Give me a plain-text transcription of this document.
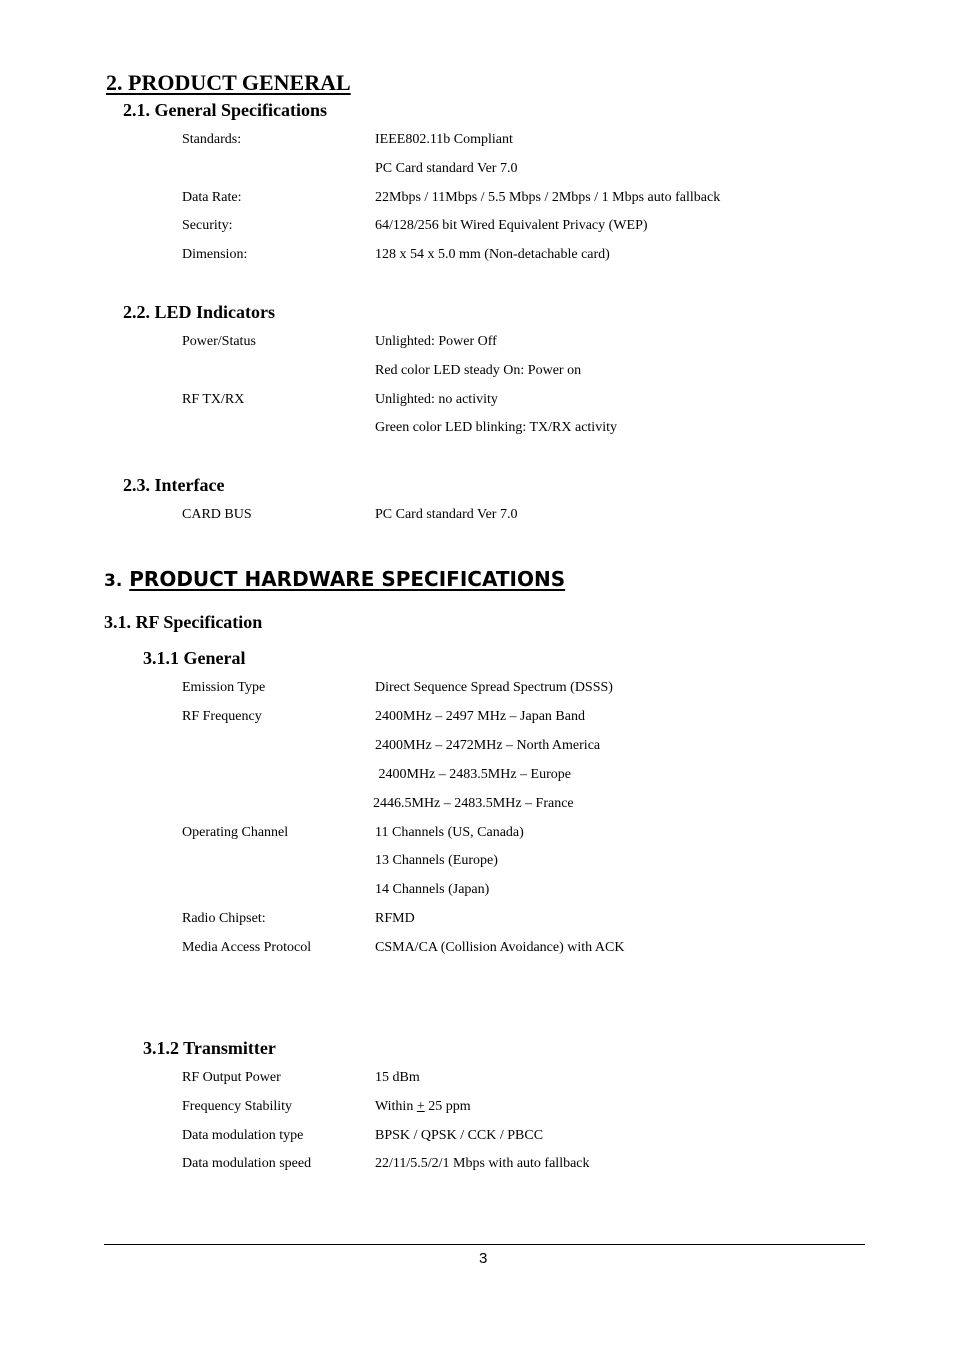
2. PRODUCT GENERAL
2.1. General Specifications
Standards:	IEEE802.11b Compliant
PC Card standard Ver 7.0
Data Rate:	22Mbps / 11Mbps / 5.5 Mbps / 2Mbps / 1 Mbps auto fallback
Security:	64/128/256 bit Wired Equivalent Privacy (WEP)
Dimension:	128 x 54 x 5.0 mm (Non-detachable card)
2.2. LED Indicators
Power/Status	Unlighted: Power Off
Red color LED steady On: Power on
RF TX/RX	Unlighted: no activity
Green color LED blinking: TX/RX activity
2.3. Interface
CARD BUS	PC Card standard Ver 7.0
3. PRODUCT HARDWARE SPECIFICATIONS
3.1. RF Specification
3.1.1 General
Emission Type	Direct Sequence Spread Spectrum (DSSS)
RF Frequency	2400MHz – 2497 MHz – Japan Band
2400MHz – 2472MHz – North America
2400MHz – 2483.5MHz – Europe
2446.5MHz – 2483.5MHz – France
Operating Channel	11 Channels (US, Canada)
13 Channels (Europe)
14 Channels (Japan)
Radio Chipset:	RFMD
Media Access Protocol	CSMA/CA (Collision Avoidance) with ACK
3.1.2 Transmitter
RF Output Power	15 dBm
Frequency Stability	Within + 25 ppm
Data modulation type	BPSK / QPSK / CCK / PBCC
Data modulation speed	22/11/5.5/2/1 Mbps with auto fallback
3
